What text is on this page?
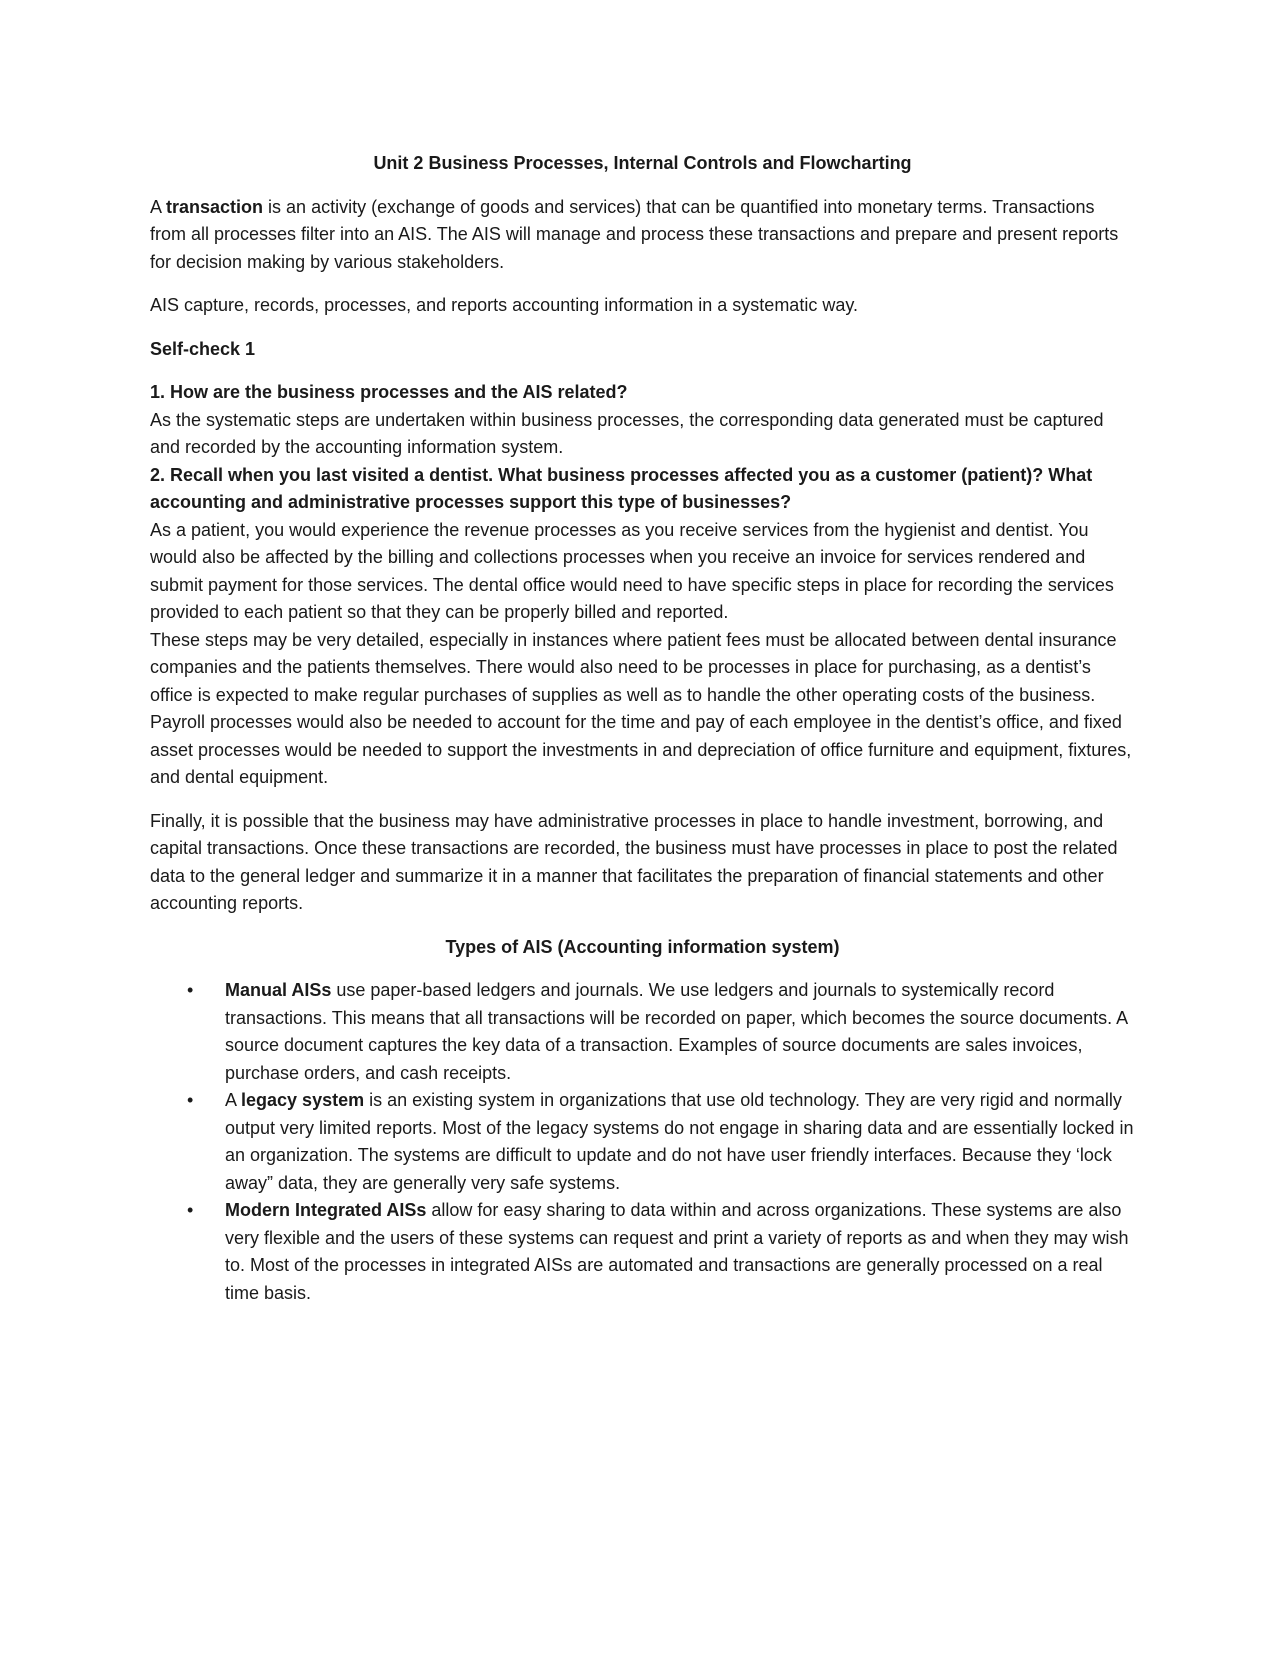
Unit 2 Business Processes, Internal Controls and Flowcharting

A transaction is an activity (exchange of goods and services) that can be quantified into monetary terms. Transactions from all processes filter into an AIS. The AIS will manage and process these transactions and prepare and present reports for decision making by various stakeholders.

AIS capture, records, processes, and reports accounting information in a systematic way.

Self-check 1

1. How are the business processes and the AIS related?
As the systematic steps are undertaken within business processes, the corresponding data generated must be captured and recorded by the accounting information system.
2. Recall when you last visited a dentist. What business processes affected you as a customer (patient)? What accounting and administrative processes support this type of businesses?
As a patient, you would experience the revenue processes as you receive services from the hygienist and dentist. You would also be affected by the billing and collections processes when you receive an invoice for services rendered and submit payment for those services. The dental office would need to have specific steps in place for recording the services provided to each patient so that they can be properly billed and reported.

These steps may be very detailed, especially in instances where patient fees must be allocated between dental insurance companies and the patients themselves. There would also need to be processes in place for purchasing, as a dentist’s office is expected to make regular purchases of supplies as well as to handle the other operating costs of the business. Payroll processes would also be needed to account for the time and pay of each employee in the dentist’s office, and fixed asset processes would be needed to support the investments in and depreciation of office furniture and equipment, fixtures, and dental equipment.

Finally, it is possible that the business may have administrative processes in place to handle investment, borrowing, and capital transactions. Once these transactions are recorded, the business must have processes in place to post the related data to the general ledger and summarize it in a manner that facilitates the preparation of financial statements and other accounting reports.

Types of AIS (Accounting information system)
• Manual AISs use paper-based ledgers and journals. We use ledgers and journals to systemically record transactions. This means that all transactions will be recorded on paper, which becomes the source documents. A source document captures the key data of a transaction. Examples of source documents are sales invoices, purchase orders, and cash receipts.
• A legacy system is an existing system in organizations that use old technology. They are very rigid and normally output very limited reports. Most of the legacy systems do not engage in sharing data and are essentially locked in an organization. The systems are difficult to update and do not have user friendly interfaces. Because they ‘lock away” data, they are generally very safe systems.
• Modern Integrated AISs allow for easy sharing to data within and across organizations. These systems are also very flexible and the users of these systems can request and print a variety of reports as and when they may wish to. Most of the processes in integrated AISs are automated and transactions are generally processed on a real time basis.
